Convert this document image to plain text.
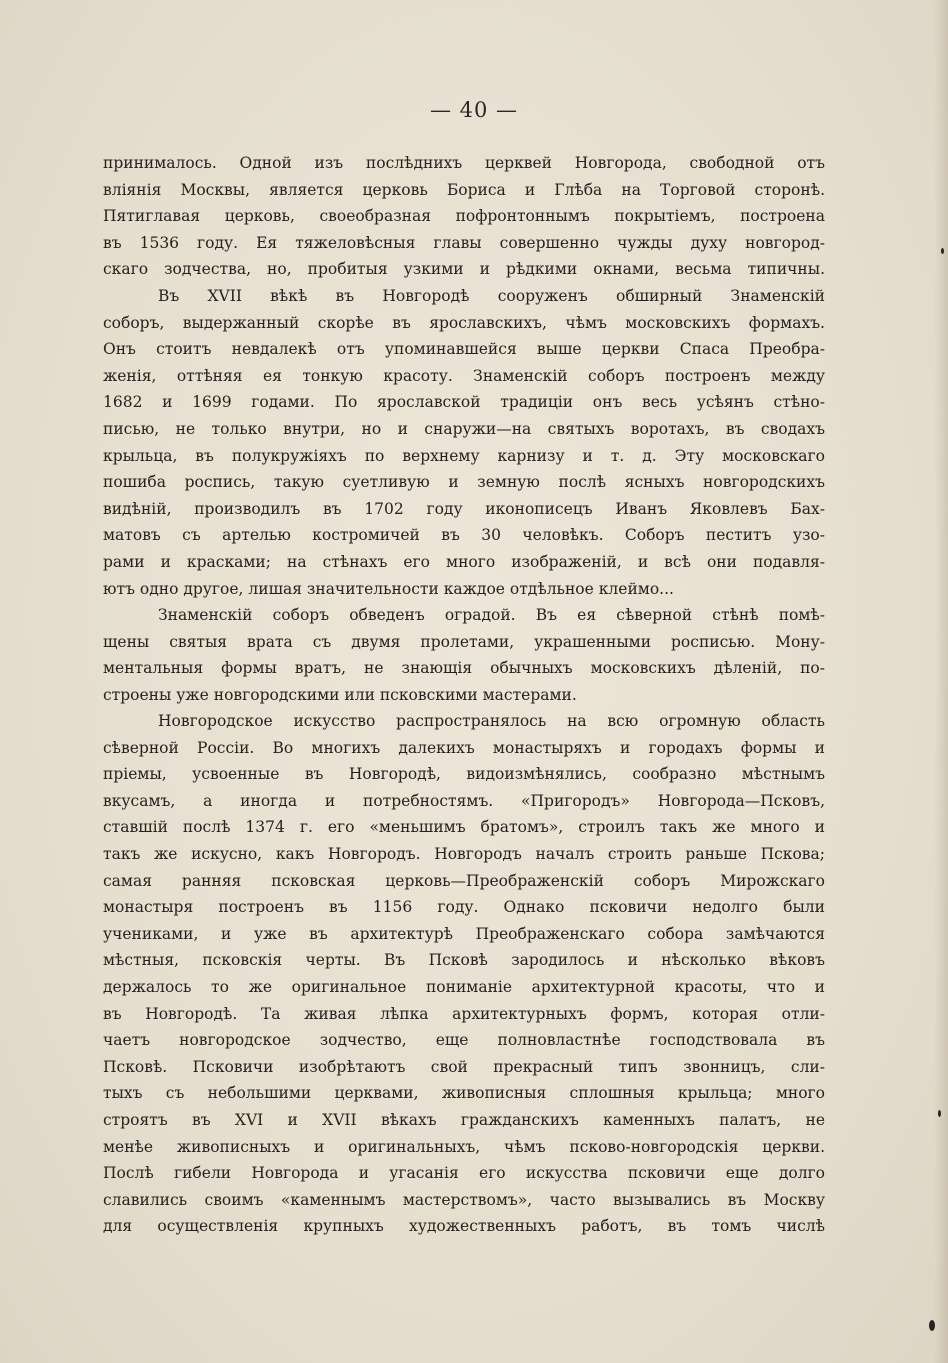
— 40 —
принималось. Одной изъ послѣднихъ церквей Новгорода, свободной отъ
вліянія Москвы, является церковь Бориса и Глѣба на Торговой сторонѣ.
Пятиглавая церковь, своеобразная пофронтоннымъ покрытіемъ, построена
въ 1536 году. Ея тяжеловѣсныя главы совершенно чужды духу новгород-
скаго зодчества, но, пробитыя узкими и рѣдкими окнами, весьма типичны.
Въ XVII вѣкѣ въ Новгородѣ сооруженъ обширный Знаменскій
соборъ, выдержанный скорѣе въ ярославскихъ, чѣмъ московскихъ формахъ.
Онъ стоитъ невдалекѣ отъ упоминавшейся выше церкви Спаса Преобра-
женія, оттѣняя ея тонкую красоту. Знаменскій соборъ построенъ между
1682 и 1699 годами. По ярославской традиціи онъ весь усѣянъ стѣно-
писью, не только внутри, но и снаружи—на святыхъ воротахъ, въ сводахъ
крыльца, въ полукружіяхъ по верхнему карнизу и т. д. Эту московскаго
пошиба роспись, такую суетливую и земную послѣ ясныхъ новгородскихъ
видѣній, производилъ въ 1702 году иконописецъ Иванъ Яковлевъ Бах-
матовъ съ артелью костромичей въ 30 человѣкъ. Соборъ пеститъ узо-
рами и красками; на стѣнахъ его много изображеній, и всѣ они подавля-
ютъ одно другое, лишая значительности каждое отдѣльное клеймо...
Знаменскій соборъ обведенъ оградой. Въ ея сѣверной стѣнѣ помѣ-
щены святыя врата съ двумя пролетами, украшенными росписью. Мону-
ментальныя формы вратъ, не знающія обычныхъ московскихъ дѣленій, по-
строены уже новгородскими или псковскими мастерами.
Новгородское искусство распространялось на всю огромную область
сѣверной Россіи. Во многихъ далекихъ монастыряхъ и городахъ формы и
пріемы, усвоенные въ Новгородѣ, видоизмѣнялись, сообразно мѣстнымъ
вкусамъ, а иногда и потребностямъ. «Пригородъ» Новгорода—Псковъ,
ставшій послѣ 1374 г. его «меньшимъ братомъ», строилъ такъ же много и
такъ же искусно, какъ Новгородъ. Новгородъ началъ строить раньше Пскова;
самая ранняя псковская церковь—Преображенскій соборъ Мирожскаго
монастыря построенъ въ 1156 году. Однако псковичи недолго были
учениками, и уже въ архитектурѣ Преображенскаго собора замѣчаются
мѣстныя, псковскія черты. Въ Псковѣ зародилось и нѣсколько вѣковъ
держалось то же оригинальное пониманіе архитектурной красоты, что и
въ Новгородѣ. Та живая лѣпка архитектурныхъ формъ, которая отли-
чаетъ новгородское зодчество, еще полновластнѣе господствовала въ
Псковѣ. Псковичи изобрѣтаютъ свой прекрасный типъ звонницъ, сли-
тыхъ съ небольшими церквами, живописныя сплошныя крыльца; много
строятъ въ XVI и XVII вѣкахъ гражданскихъ каменныхъ палатъ, не
менѣе живописныхъ и оригинальныхъ, чѣмъ псково-новгородскія церкви.
Послѣ гибели Новгорода и угасанія его искусства псковичи еще долго
славились своимъ «каменнымъ мастерствомъ», часто вызывались въ Москву
для осуществленія крупныхъ художественныхъ работъ, въ томъ числѣ
